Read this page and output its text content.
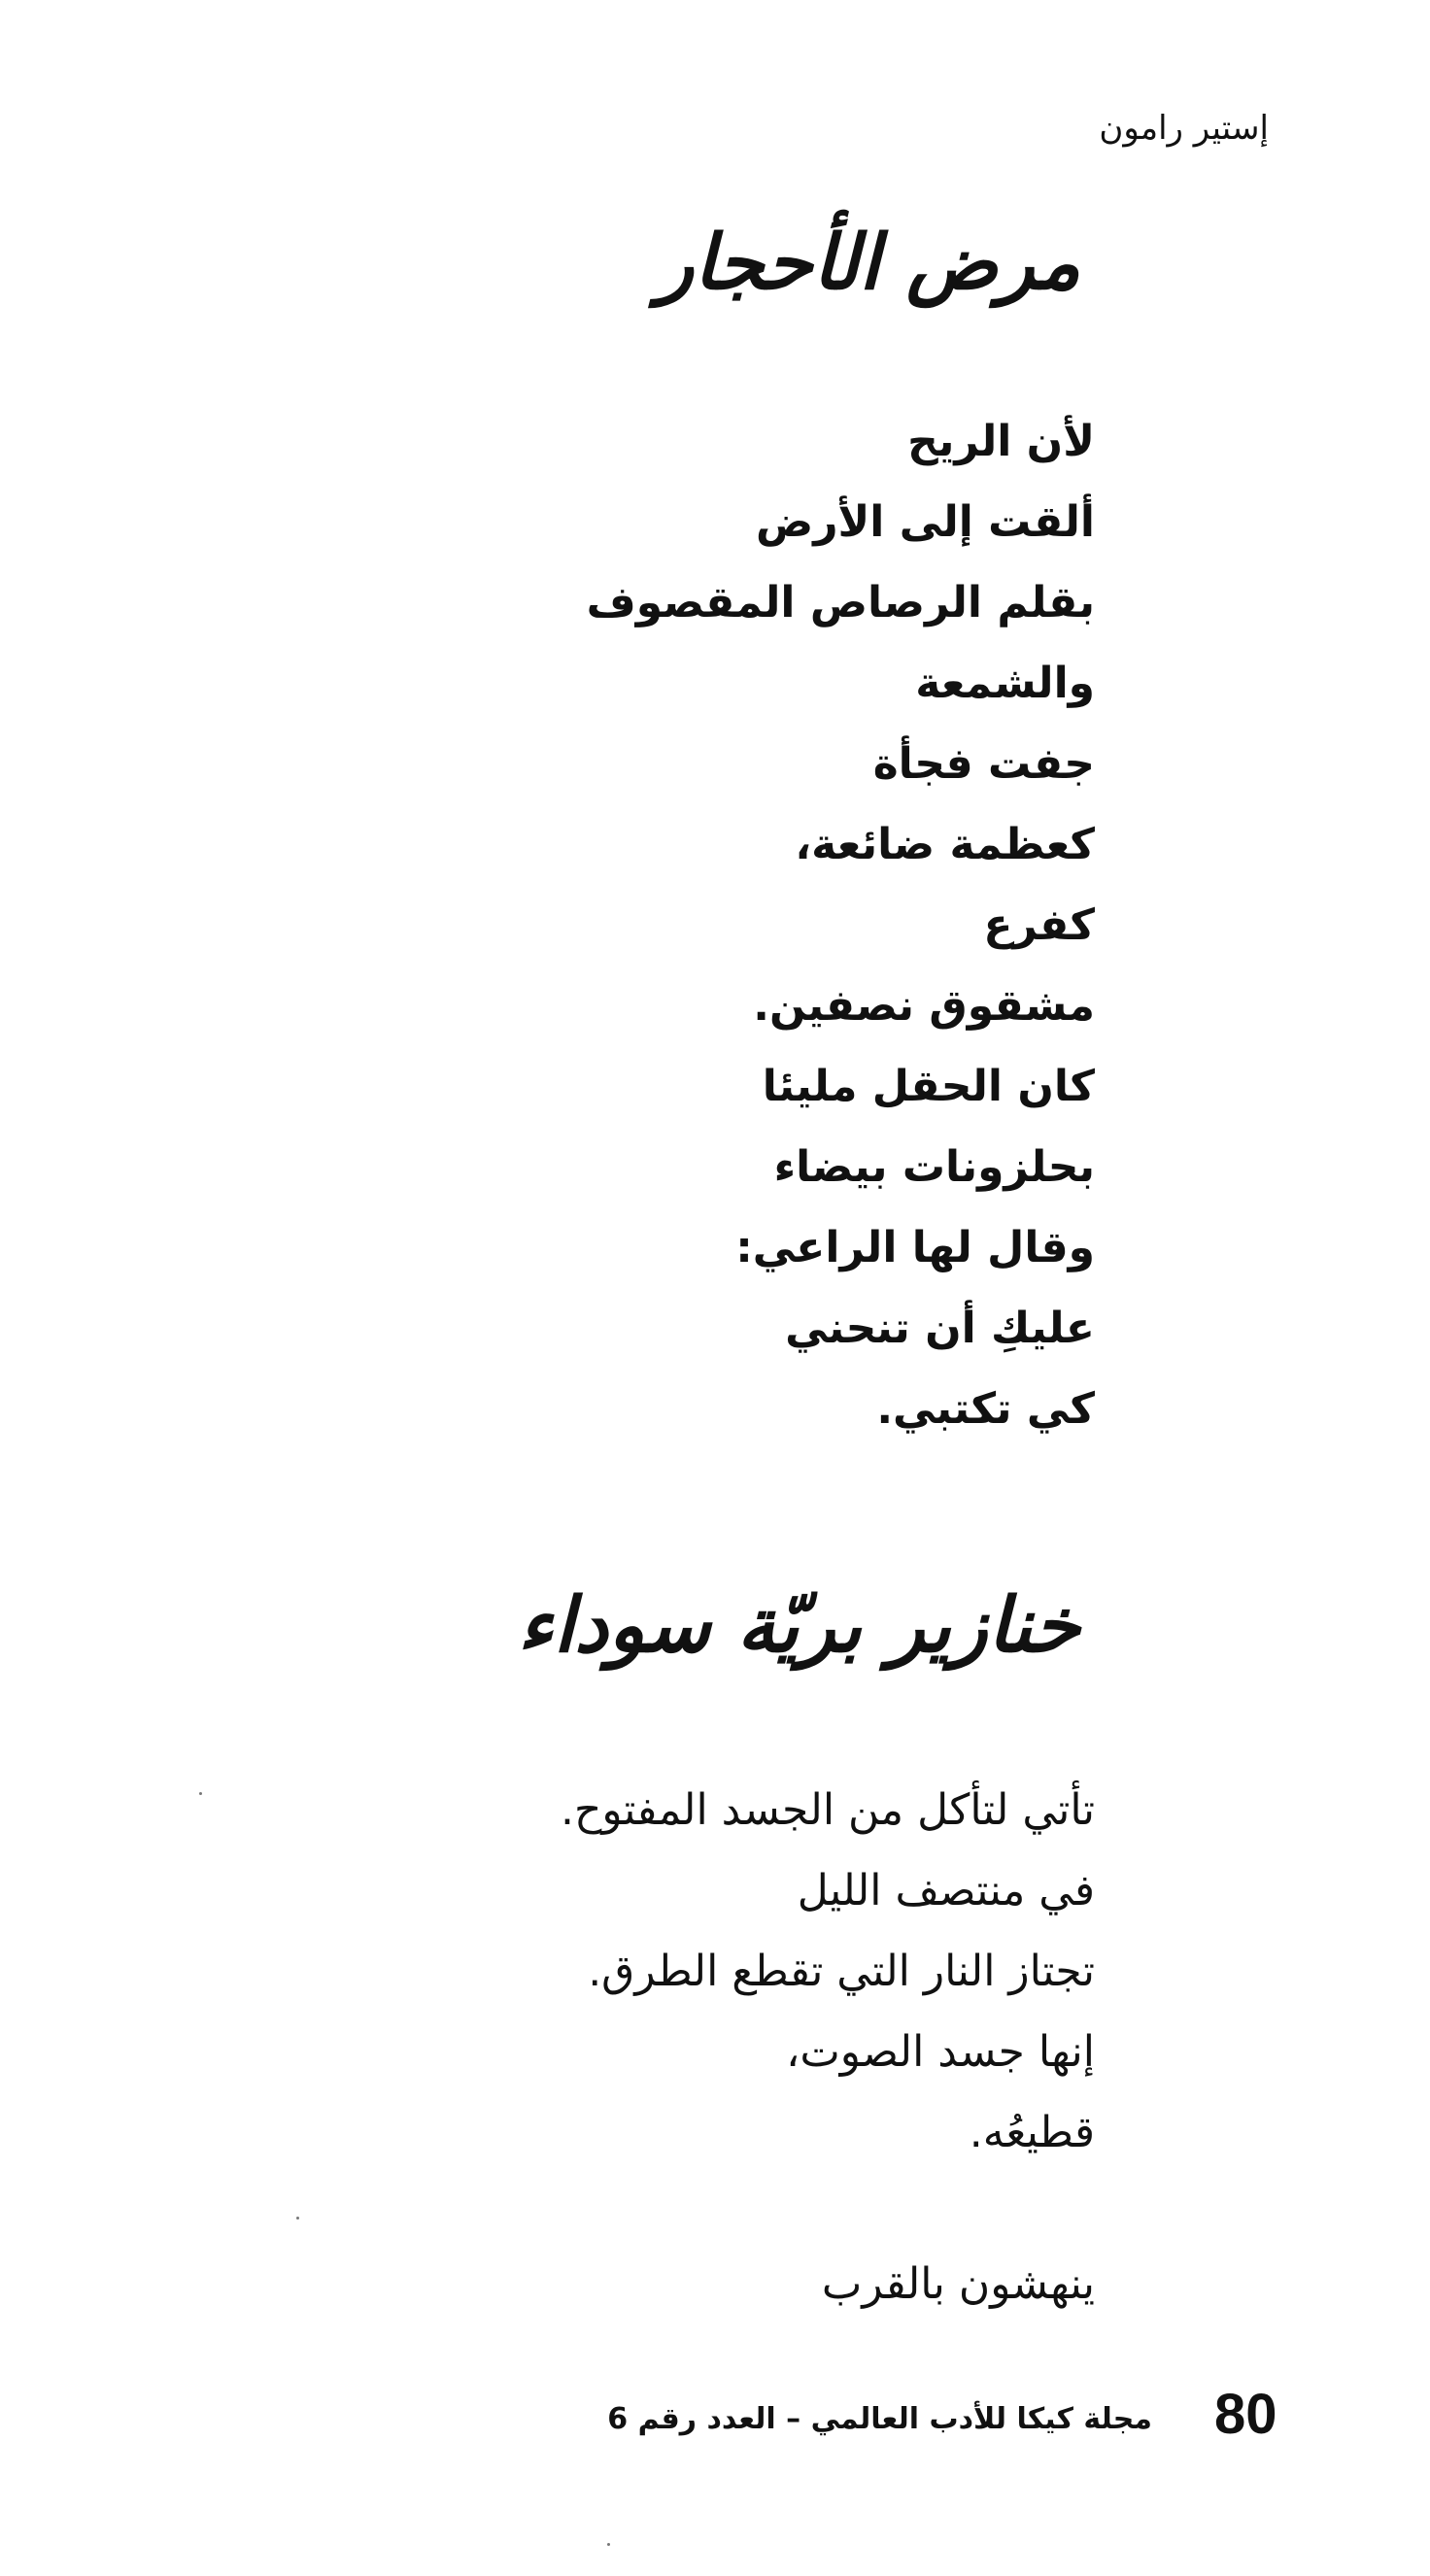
إستير رامون
مرض الأحجار
لأن الريح
ألقت إلى الأرض
بقلم الرصاص المقصوف
والشمعة
جفت فجأة
كعظمة ضائعة،
كفرع
مشقوق نصفين.
كان الحقل مليئا
بحلزونات بيضاء
وقال لها الراعي:
عليكِ أن تنحني
كي تكتبي.
خنازير بريّة سوداء
تأتي لتأكل من الجسد المفتوح.
في منتصف الليل
تجتاز النار التي تقطع الطرق.
إنها جسد الصوت،
قطيعُه.
ينهشون بالقرب
مجلة كيكا للأدب العالمي – العدد رقم 6 80
